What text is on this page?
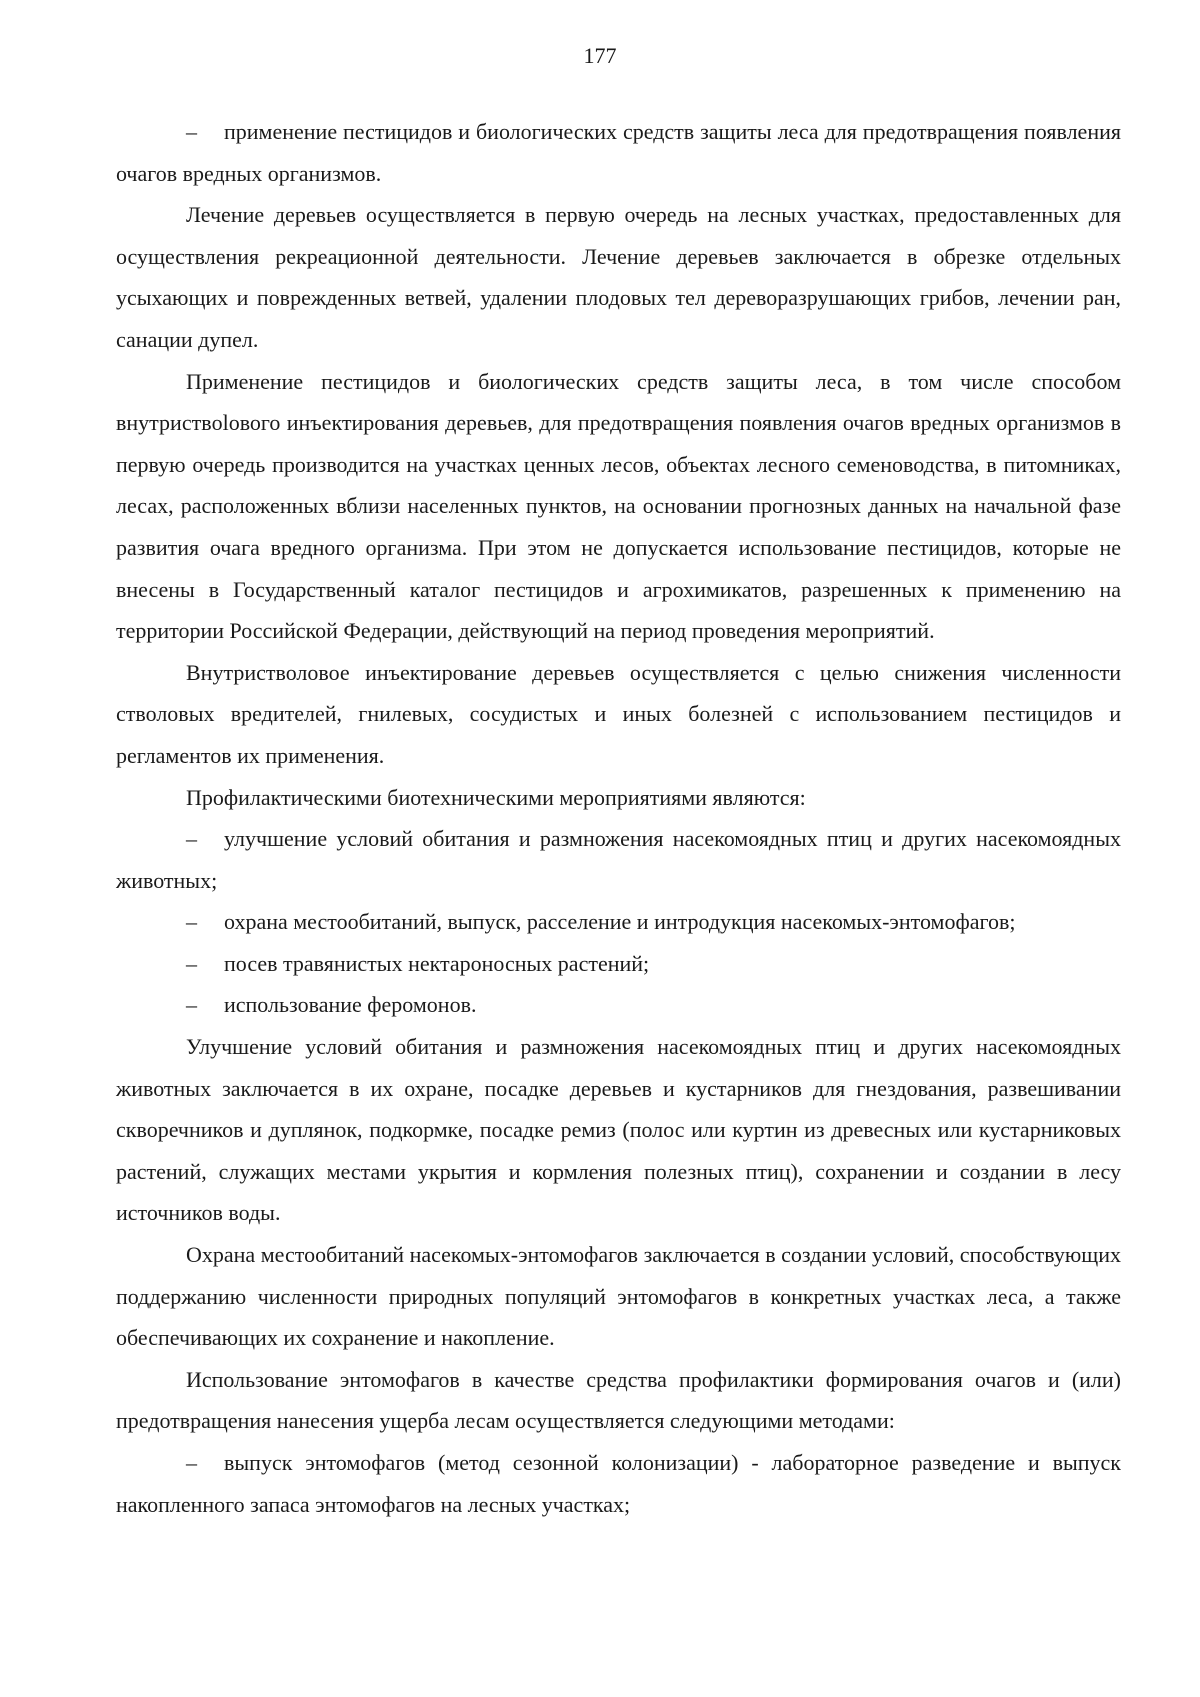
177

– применение пестицидов и биологических средств защиты леса для предотвращения появления очагов вредных организмов.

Лечение деревьев осуществляется в первую очередь на лесных участках, предоставленных для осуществления рекреационной деятельности. Лечение деревьев заключается в обрезке отдельных усыхающих и поврежденных ветвей, удалении плодовых тел дереворазрушающих грибов, лечении ран, санации дупел.

Применение пестицидов и биологических средств защиты леса, в том числе способом внутриствolового инъектирования деревьев, для предотвращения появления очагов вредных организмов в первую очередь производится на участках ценных лесов, объектах лесного семеноводства, в питомниках, лесах, расположенных вблизи населенных пунктов, на основании прогнозных данных на начальной фазе развития очага вредного организма. При этом не допускается использование пестицидов, которые не внесены в Государственный каталог пестицидов и агрохимикатов, разрешенных к применению на территории Российской Федерации, действующий на период проведения мероприятий.

Внутристволовое инъектирование деревьев осуществляется с целью снижения численности стволовых вредителей, гнилевых, сосудистых и иных болезней с использованием пестицидов и регламентов их применения.

Профилактическими биотехническими мероприятиями являются:

– улучшение условий обитания и размножения насекомоядных птиц и других насекомоядных животных;

– охрана местообитаний, выпуск, расселение и интродукция насекомых-энтомофагов;

– посев травянистых нектароносных растений;

– использование феромонов.

Улучшение условий обитания и размножения насекомоядных птиц и других насекомоядных животных заключается в их охране, посадке деревьев и кустарников для гнездования, развешивании скворечников и дуплянок, подкормке, посадке ремиз (полос или куртин из древесных или кустарниковых растений, служащих местами укрытия и кормления полезных птиц), сохранении и создании в лесу источников воды.

Охрана местообитаний насекомых-энтомофагов заключается в создании условий, способствующих поддержанию численности природных популяций энтомофагов в конкретных участках леса, а также обеспечивающих их сохранение и накопление.

Использование энтомофагов в качестве средства профилактики формирования очагов и (или) предотвращения нанесения ущерба лесам осуществляется следующими методами:

– выпуск энтомофагов (метод сезонной колонизации) - лабораторное разведение и выпуск накопленного запаса энтомофагов на лесных участках;
